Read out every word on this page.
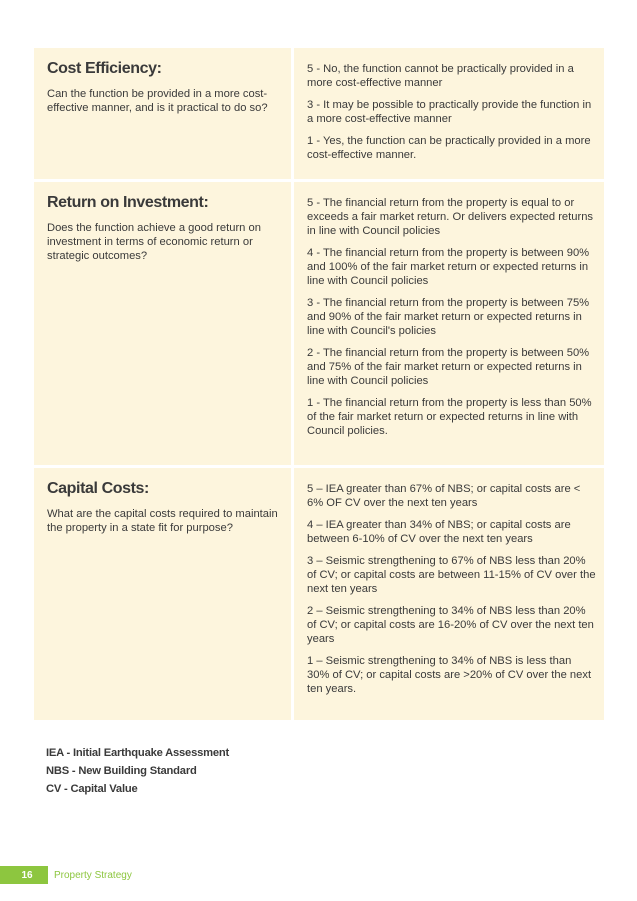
Cost Efficiency:

Can the function be provided in a more cost-effective manner, and is it practical to do so?

5 - No, the function cannot be practically provided in a more cost-effective manner

3 - It may be possible to practically provide the function in a more cost-effective manner

1 - Yes, the function can be practically provided in a more cost-effective manner.

Return on Investment:

Does the function achieve a good return on investment in terms of economic return or strategic outcomes?

5 - The financial return from the property is equal to or exceeds a fair market return. Or delivers expected returns in line with Council policies

4 - The financial return from the property is between 90% and 100% of the fair market return or expected returns in line with Council policies

3 - The financial return from the property is between 75% and 90% of the fair market return or expected returns in line with Council's policies

2 - The financial return from the property is between 50% and 75% of the fair market return or expected returns in line with Council policies

1 - The financial return from the property is less than 50% of the fair market return or expected returns in line with Council policies.

Capital Costs:

What are the capital costs required to maintain the property in a state fit for purpose?

5 – IEA greater than 67% of NBS; or capital costs are < 6% OF CV over the next ten years

4 – IEA greater than 34% of NBS; or capital costs are between 6-10% of CV over the next ten years

3 – Seismic strengthening to 67% of NBS less than 20% of CV; or capital costs are between 11-15% of CV over the next ten years

2 – Seismic strengthening to 34% of NBS less than 20% of CV; or capital costs are 16-20% of CV over the next ten years

1 – Seismic strengthening to 34% of NBS is less than 30% of CV; or capital costs are >20% of CV over the next ten years.

IEA - Initial Earthquake Assessment
NBS - New Building Standard
CV - Capital Value
16	Property Strategy
